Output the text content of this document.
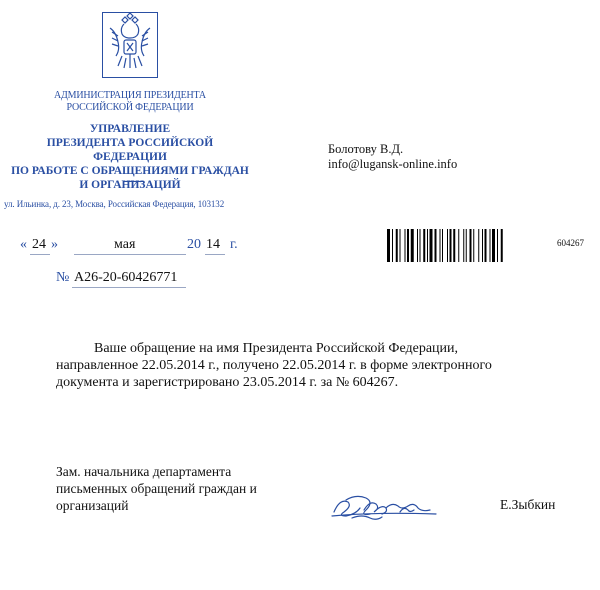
АДМИНИСТРАЦИЯ ПРЕЗИДЕНТА
РОССИЙСКОЙ ФЕДЕРАЦИИ
УПРАВЛЕНИЕ
ПРЕЗИДЕНТА РОССИЙСКОЙ ФЕДЕРАЦИИ
ПО РАБОТЕ С ОБРАЩЕНИЯМИ ГРАЖДАН
И ОРГАНИЗАЦИЙ
ул. Ильинка, д. 23, Москва, Российская Федерация, 103132
Болотову В.Д.
info@lugansk-online.info
« 24 »	мая	20 14 г.
№ А26-20-60426771
604267
Ваше обращение на имя Президента Российской Федерации,
направленное 22.05.2014 г., получено 22.05.2014 г. в форме электронного
документа и зарегистрировано 23.05.2014 г. за № 604267.
Зам. начальника департамента
письменных обращений граждан и
организаций	Е.Зыбкин
